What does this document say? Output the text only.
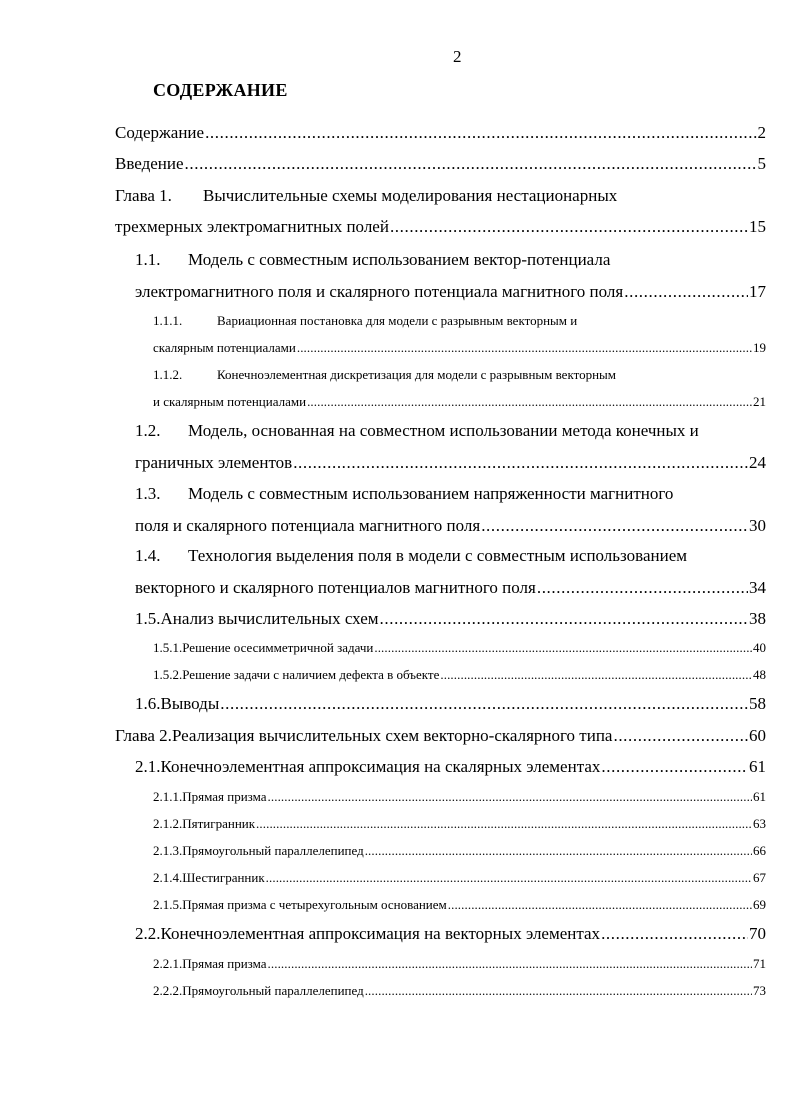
2
СОДЕРЖАНИЕ
Содержание .....	2
Введение .....	5
Глава 1.	Вычислительные схемы моделирования нестационарных
трехмерных электромагнитных полей .....	15
1.1.	Модель с совместным использованием вектор-потенциала
электромагнитного поля и скалярного потенциала магнитного поля .....	17
1.1.1.	Вариационная постановка для модели с разрывным векторным и
скалярным потенциалами .....	19
1.1.2.	Конечноэлементная дискретизация для модели с разрывным векторным
и скалярным потенциалами .....	21
1.2.	Модель, основанная на совместном использовании метода конечных и
граничных элементов .....	24
1.3.	Модель с совместным использованием напряженности магнитного
поля и скалярного потенциала магнитного поля .....	30
1.4.	Технология выделения поля в модели с совместным использованием
векторного и скалярного потенциалов магнитного поля .....	34
1.5. Анализ вычислительных схем .....	38
1.5.1. Решение осесимметричной задачи .....	40
1.5.2. Решение задачи с наличием дефекта в объекте .....	48
1.6. Выводы .....	58
Глава 2. Реализация вычислительных схем векторно-скалярного типа .....	60
2.1. Конечноэлементная аппроксимация на скалярных элементах .....	61
2.1.1. Прямая призма .....	61
2.1.2. Пятигранник .....	63
2.1.3. Прямоугольный параллелепипед .....	66
2.1.4. Шестигранник .....	67
2.1.5. Прямая призма с четырехугольным основанием .....	69
2.2. Конечноэлементная аппроксимация на векторных элементах .....	70
2.2.1. Прямая призма .....	71
2.2.2. Прямоугольный параллелепипед .....	73
